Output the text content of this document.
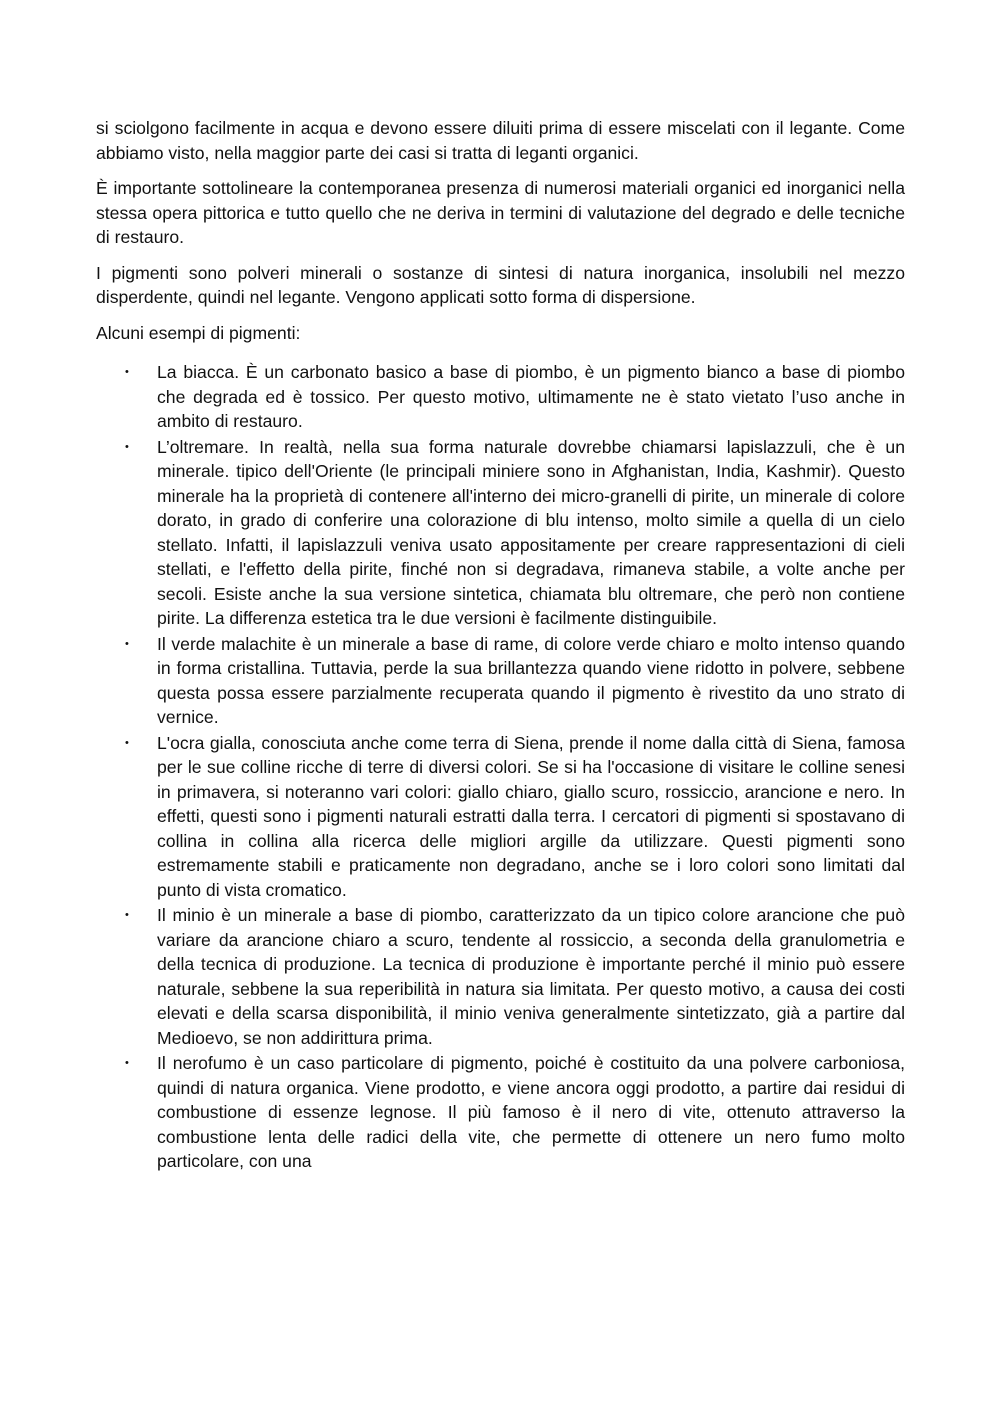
si sciolgono facilmente in acqua e devono essere diluiti prima di essere miscelati con il legante. Come abbiamo visto, nella maggior parte dei casi si tratta di leganti organici.

È importante sottolineare la contemporanea presenza di numerosi materiali organici ed inorganici nella stessa opera pittorica e tutto quello che ne deriva in termini di valutazione del degrado e delle tecniche di restauro.

I pigmenti sono polveri minerali o sostanze di sintesi di natura inorganica, insolubili nel mezzo disperdente, quindi nel legante. Vengono applicati sotto forma di dispersione.

Alcuni esempi di pigmenti:

• La biacca. È un carbonato basico a base di piombo, è un pigmento bianco a base di piombo che degrada ed è tossico. Per questo motivo, ultimamente ne è stato vietato l’uso anche in ambito di restauro.
• L’oltremare. In realtà, nella sua forma naturale dovrebbe chiamarsi lapislazzuli, che è un minerale. tipico dell'Oriente (le principali miniere sono in Afghanistan, India, Kashmir). Questo minerale ha la proprietà di contenere all'interno dei micro-granelli di pirite, un minerale di colore dorato, in grado di conferire una colorazione di blu intenso, molto simile a quella di un cielo stellato. Infatti, il lapislazzuli veniva usato appositamente per creare rappresentazioni di cieli stellati, e l'effetto della pirite, finché non si degradava, rimaneva stabile, a volte anche per secoli. Esiste anche la sua versione sintetica, chiamata blu oltremare, che però non contiene pirite. La differenza estetica tra le due versioni è facilmente distinguibile.
• Il verde malachite è un minerale a base di rame, di colore verde chiaro e molto intenso quando in forma cristallina. Tuttavia, perde la sua brillantezza quando viene ridotto in polvere, sebbene questa possa essere parzialmente recuperata quando il pigmento è rivestito da uno strato di vernice.
• L'ocra gialla, conosciuta anche come terra di Siena, prende il nome dalla città di Siena, famosa per le sue colline ricche di terre di diversi colori. Se si ha l'occasione di visitare le colline senesi in primavera, si noteranno vari colori: giallo chiaro, giallo scuro, rossiccio, arancione e nero. In effetti, questi sono i pigmenti naturali estratti dalla terra. I cercatori di pigmenti si spostavano di collina in collina alla ricerca delle migliori argille da utilizzare. Questi pigmenti sono estremamente stabili e praticamente non degradano, anche se i loro colori sono limitati dal punto di vista cromatico.
• Il minio è un minerale a base di piombo, caratterizzato da un tipico colore arancione che può variare da arancione chiaro a scuro, tendente al rossiccio, a seconda della granulometria e della tecnica di produzione. La tecnica di produzione è importante perché il minio può essere naturale, sebbene la sua reperibilità in natura sia limitata. Per questo motivo, a causa dei costi elevati e della scarsa disponibilità, il minio veniva generalmente sintetizzato, già a partire dal Medioevo, se non addirittura prima.
• Il nerofumo è un caso particolare di pigmento, poiché è costituito da una polvere carboniosa, quindi di natura organica. Viene prodotto, e viene ancora oggi prodotto, a partire dai residui di combustione di essenze legnose. Il più famoso è il nero di vite, ottenuto attraverso la combustione lenta delle radici della vite, che permette di ottenere un nero fumo molto particolare, con una
